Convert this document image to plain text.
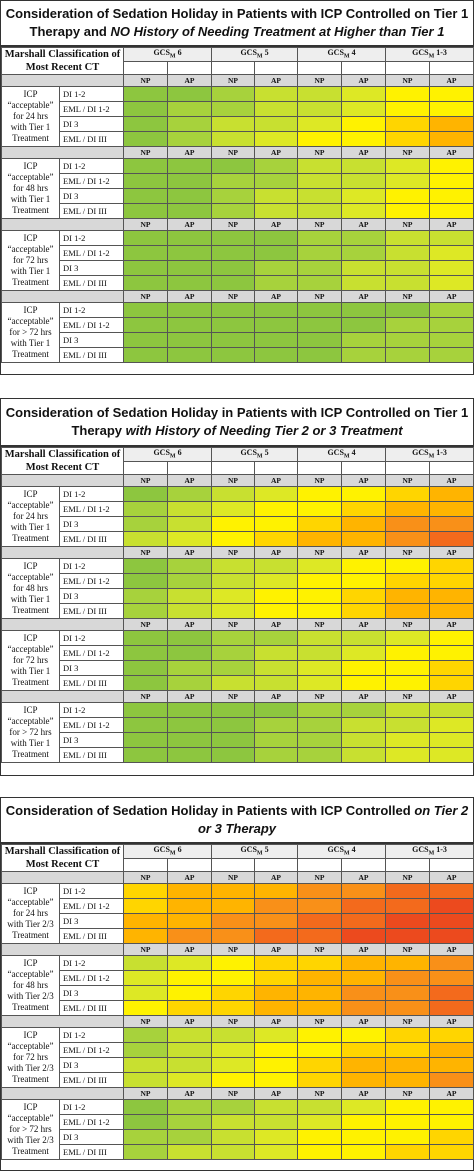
Consideration of Sedation Holiday in Patients with ICP Controlled on Tier 1 Therapy and NO History of Needing Treatment at Higher than Tier 1
Marshall Classification of Most Recent CT		$GCS_M$ 6		$GCS_M$ 5		$GCS_M$ 4		$GCS_M$ 1-3	

		NP	AP	NP	AP	NP	AP	NP	AP

ICP
“acceptable”
for 24 hrs
with Tier 1
Treatment	DI 1-2								
	EML / DI 1-2								
	DI 3								
	EML / DI III								
		NP	AP	NP	AP	NP	AP	NP	AP

ICP
“acceptable”
for 48 hrs
with Tier 1
Treatment	DI 1-2								
	EML / DI 1-2								
	DI 3								
	EML / DI III								
		NP	AP	NP	AP	NP	AP	NP	AP

ICP
“acceptable”
for 72 hrs
with Tier 1
Treatment	DI 1-2								
	EML / DI 1-2								
	DI 3								
	EML / DI III								
		NP	AP	NP	AP	NP	AP	NP	AP

ICP
“acceptable”
for > 72 hrs
with Tier 1
Treatment	DI 1-2								
	EML / DI 1-2								
	DI 3								
	EML / DI III								
Consideration of Sedation Holiday in Patients with ICP Controlled on Tier 1 Therapy with History of Needing Tier 2 or 3 Treatment
Marshall Classification of Most Recent CT		$GCS_M$ 6		$GCS_M$ 5		$GCS_M$ 4		$GCS_M$ 1-3	

		NP	AP	NP	AP	NP	AP	NP	AP

ICP
“acceptable”
for 24 hrs
with Tier 1
Treatment	DI 1-2								
	EML / DI 1-2								
	DI 3								
	EML / DI III								
		NP	AP	NP	AP	NP	AP	NP	AP

ICP
“acceptable”
for 48 hrs
with Tier 1
Treatment	DI 1-2								
	EML / DI 1-2								
	DI 3								
	EML / DI III								
		NP	AP	NP	AP	NP	AP	NP	AP

ICP
“acceptable”
for 72 hrs
with Tier 1
Treatment	DI 1-2								
	EML / DI 1-2								
	DI 3								
	EML / DI III								
		NP	AP	NP	AP	NP	AP	NP	AP

ICP
“acceptable”
for > 72 hrs
with Tier 1
Treatment	DI 1-2								
	EML / DI 1-2								
	DI 3								
	EML / DI III								
Consideration of Sedation Holiday in Patients with ICP Controlled on Tier 2 or 3 Therapy
Marshall Classification of Most Recent CT		$GCS_M$ 6		$GCS_M$ 5		$GCS_M$ 4		$GCS_M$ 1-3	

		NP	AP	NP	AP	NP	AP	NP	AP

ICP
“acceptable”
for 24 hrs
with Tier 2/3
Treatment	DI 1-2								
	EML / DI 1-2								
	DI 3								
	EML / DI III								
		NP	AP	NP	AP	NP	AP	NP	AP

ICP
“acceptable”
for 48 hrs
with Tier 2/3
Treatment	DI 1-2								
	EML / DI 1-2								
	DI 3								
	EML / DI III								
		NP	AP	NP	AP	NP	AP	NP	AP

ICP
“acceptable”
for 72 hrs
with Tier 2/3
Treatment	DI 1-2								
	EML / DI 1-2								
	DI 3								
	EML / DI III								
		NP	AP	NP	AP	NP	AP	NP	AP

ICP
“acceptable”
for > 72 hrs
with Tier 2/3
Treatment	DI 1-2								
	EML / DI 1-2								
	DI 3								
	EML / DI III								
